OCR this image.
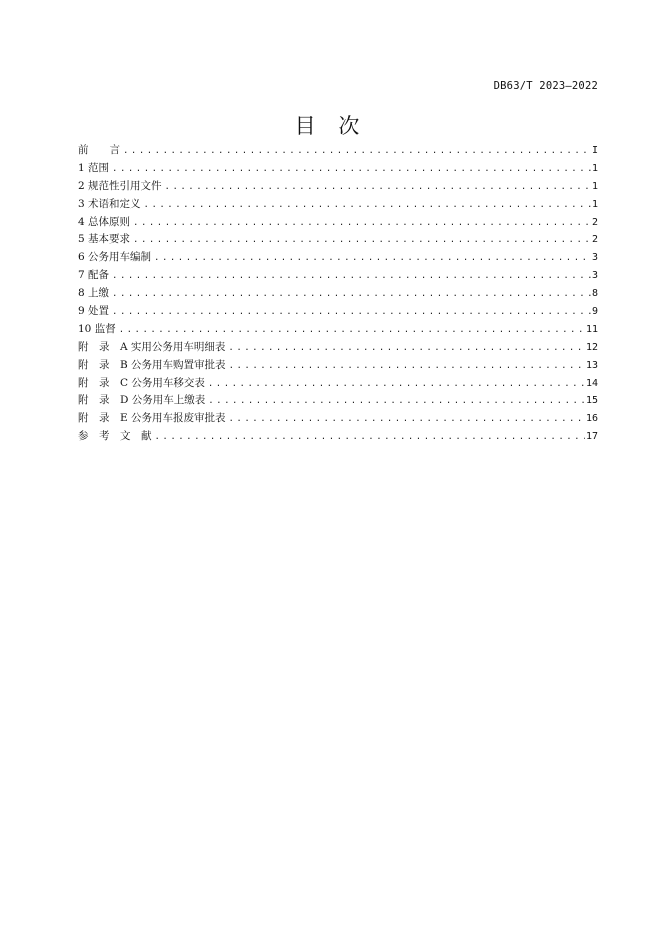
DB63/T 2023—2022
目 次
前　　言 .....	I
1 范围 .....	1
2 规范性引用文件 .....	1
3 术语和定义 .....	1
4 总体原则 .....	2
5 基本要求 .....	2
6 公务用车编制 .....	3
7 配备 .....	3
8 上缴 .....	8
9 处置 .....	9
10 监督 .....	11
附　录　A 实用公务用车明细表 .....	12
附　录　B 公务用车购置审批表 .....	13
附　录　C 公务用车移交表 .....	14
附　录　D 公务用车上缴表 .....	15
附　录　E 公务用车报废审批表 .....	16
参　考　文　献 .....	17
